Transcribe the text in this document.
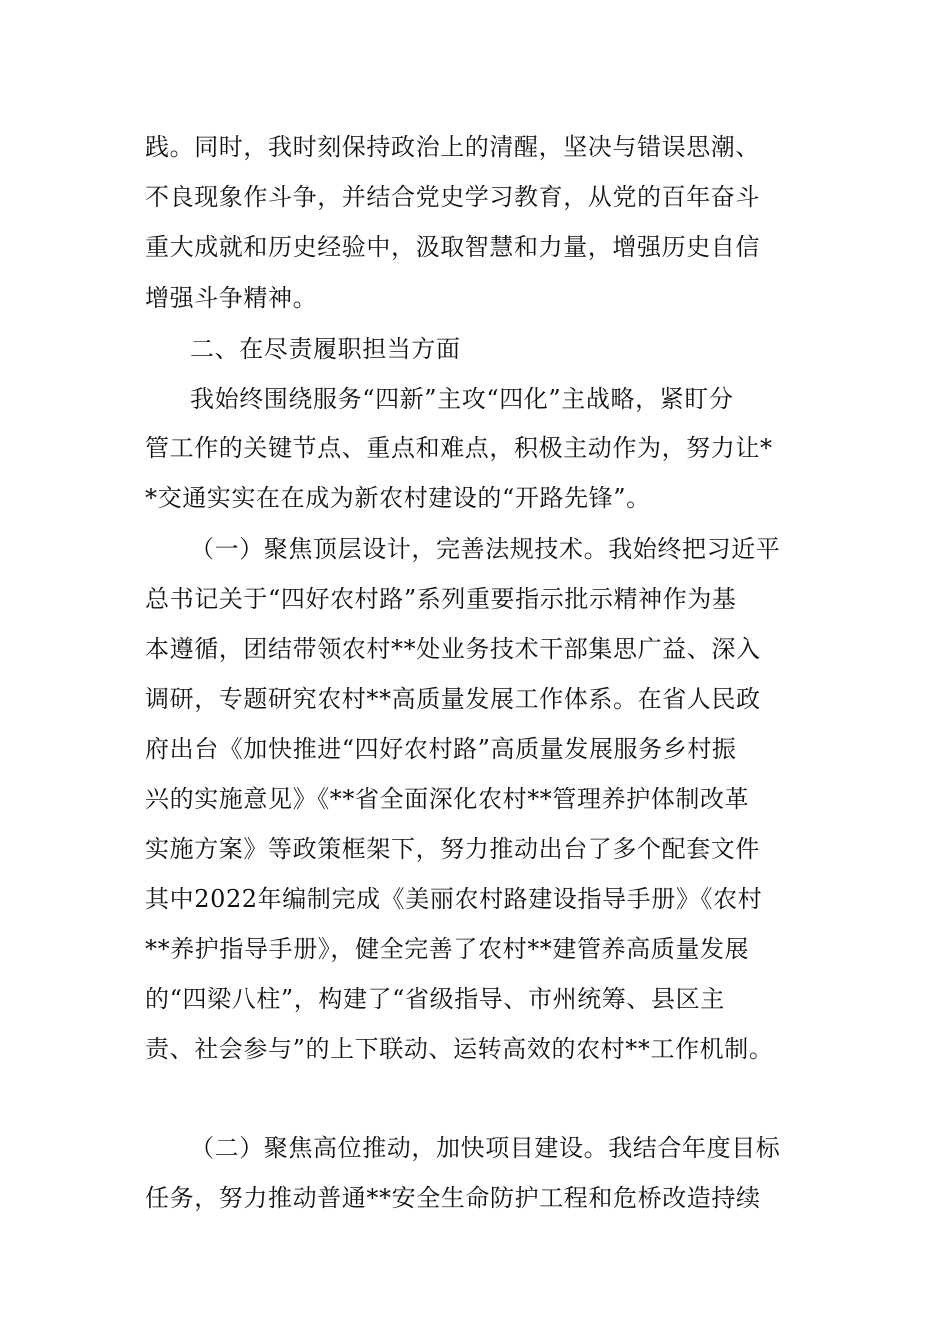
践。同时，我时刻保持政治上的清醒，坚决与错误思潮、
不良现象作斗争，并结合党史学习教育，从党的百年奋斗
重大成就和历史经验中，汲取智慧和力量，增强历史自信
增强斗争精神。
二、在尽责履职担当方面
我始终围绕服务“四新”主攻“四化”主战略，紧盯分
管工作的关键节点、重点和难点，积极主动作为，努力让*
*交通实实在在成为新农村建设的“开路先锋”。
（一）聚焦顶层设计，完善法规技术。我始终把习近平
总书记关于“四好农村路”系列重要指示批示精神作为基
本遵循，团结带领农村**处业务技术干部集思广益、深入
调研，专题研究农村**高质量发展工作体系。在省人民政
府出台《加快推进“四好农村路”高质量发展服务乡村振
兴的实施意见》《**省全面深化农村**管理养护体制改革
实施方案》等政策框架下，努力推动出台了多个配套文件
其中2022年编制完成《美丽农村路建设指导手册》《农村
**养护指导手册》，健全完善了农村**建管养高质量发展
的“四梁八柱”，构建了“省级指导、市州统筹、县区主
责、社会参与”的上下联动、运转高效的农村**工作机制。
（二）聚焦高位推动，加快项目建设。我结合年度目标
任务，努力推动普通**安全生命防护工程和危桥改造持续
